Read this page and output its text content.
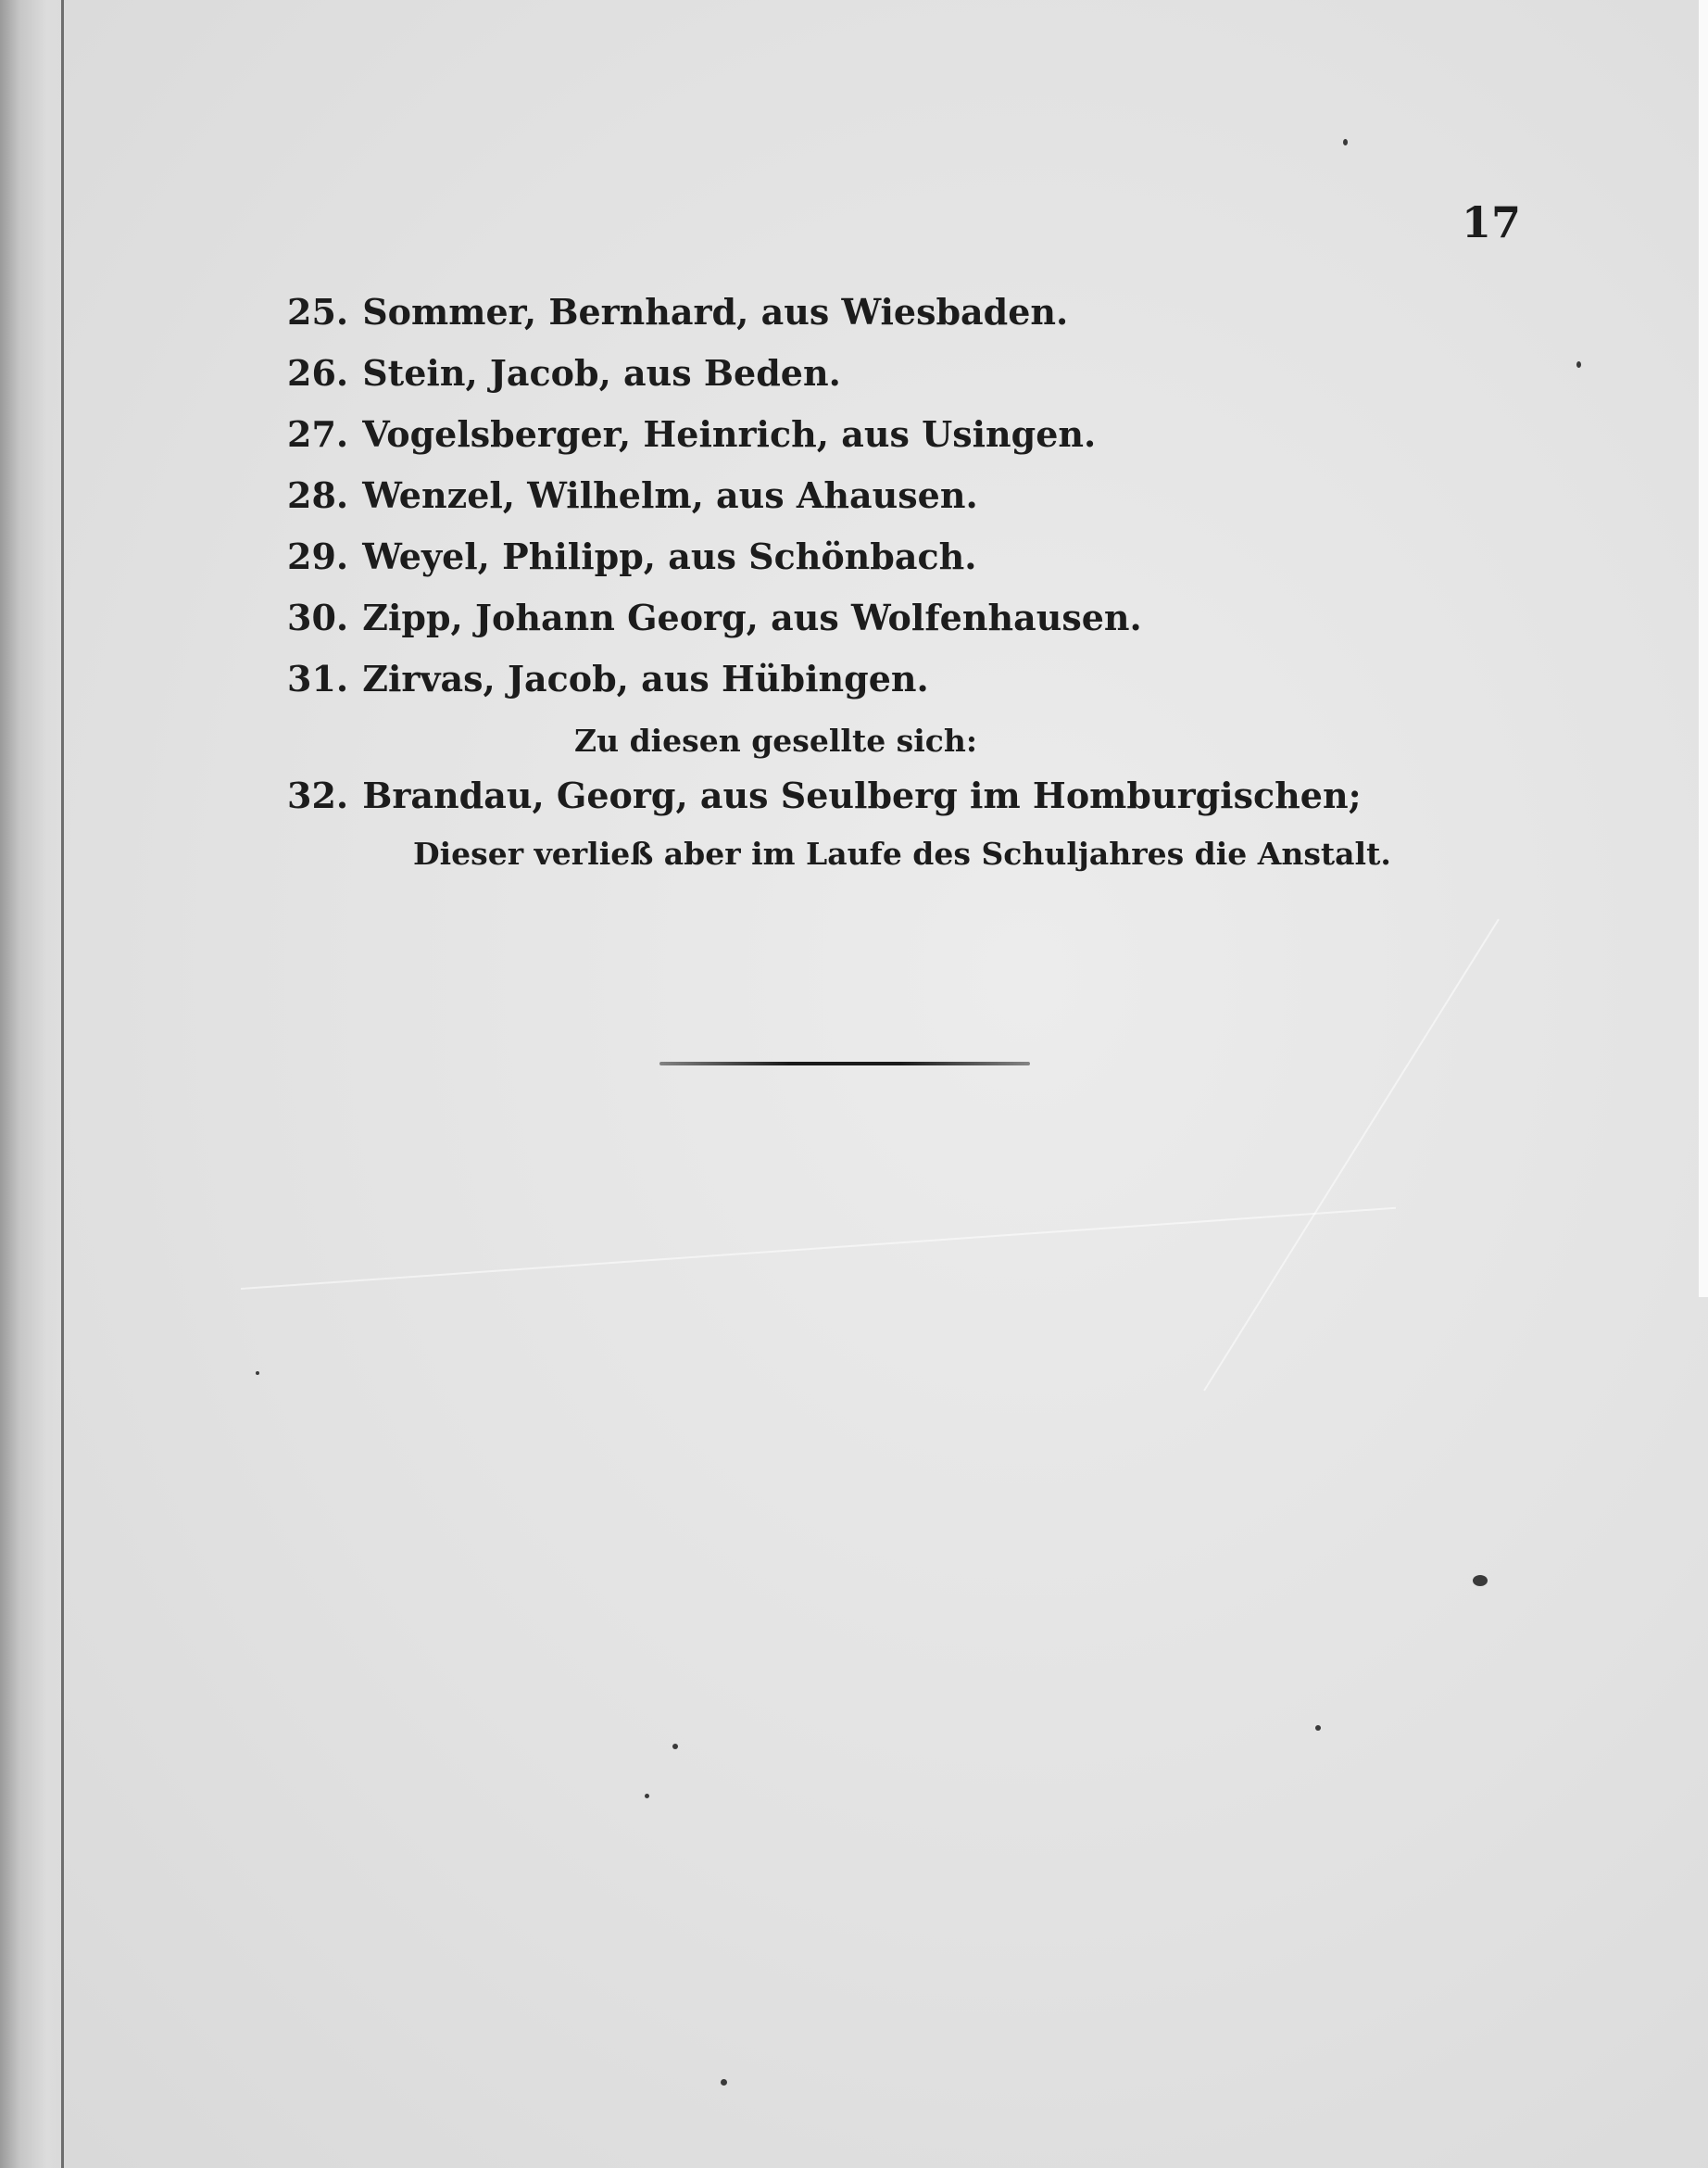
17
25. Sommer, Bernhard, aus Wiesbaden.
26. Stein, Jacob, aus Beden.
27. Vogelsberger, Heinrich, aus Usingen.
28. Wenzel, Wilhelm, aus Ahausen.
29. Weyel, Philipp, aus Schönbach.
30. Zipp, Johann Georg, aus Wolfenhausen.
31. Zirvas, Jacob, aus Hübingen.
Zu diesen gesellte sich:
32. Brandau, Georg, aus Seulberg im Homburgischen;
Dieser verließ aber im Laufe des Schuljahres die Anstalt.
